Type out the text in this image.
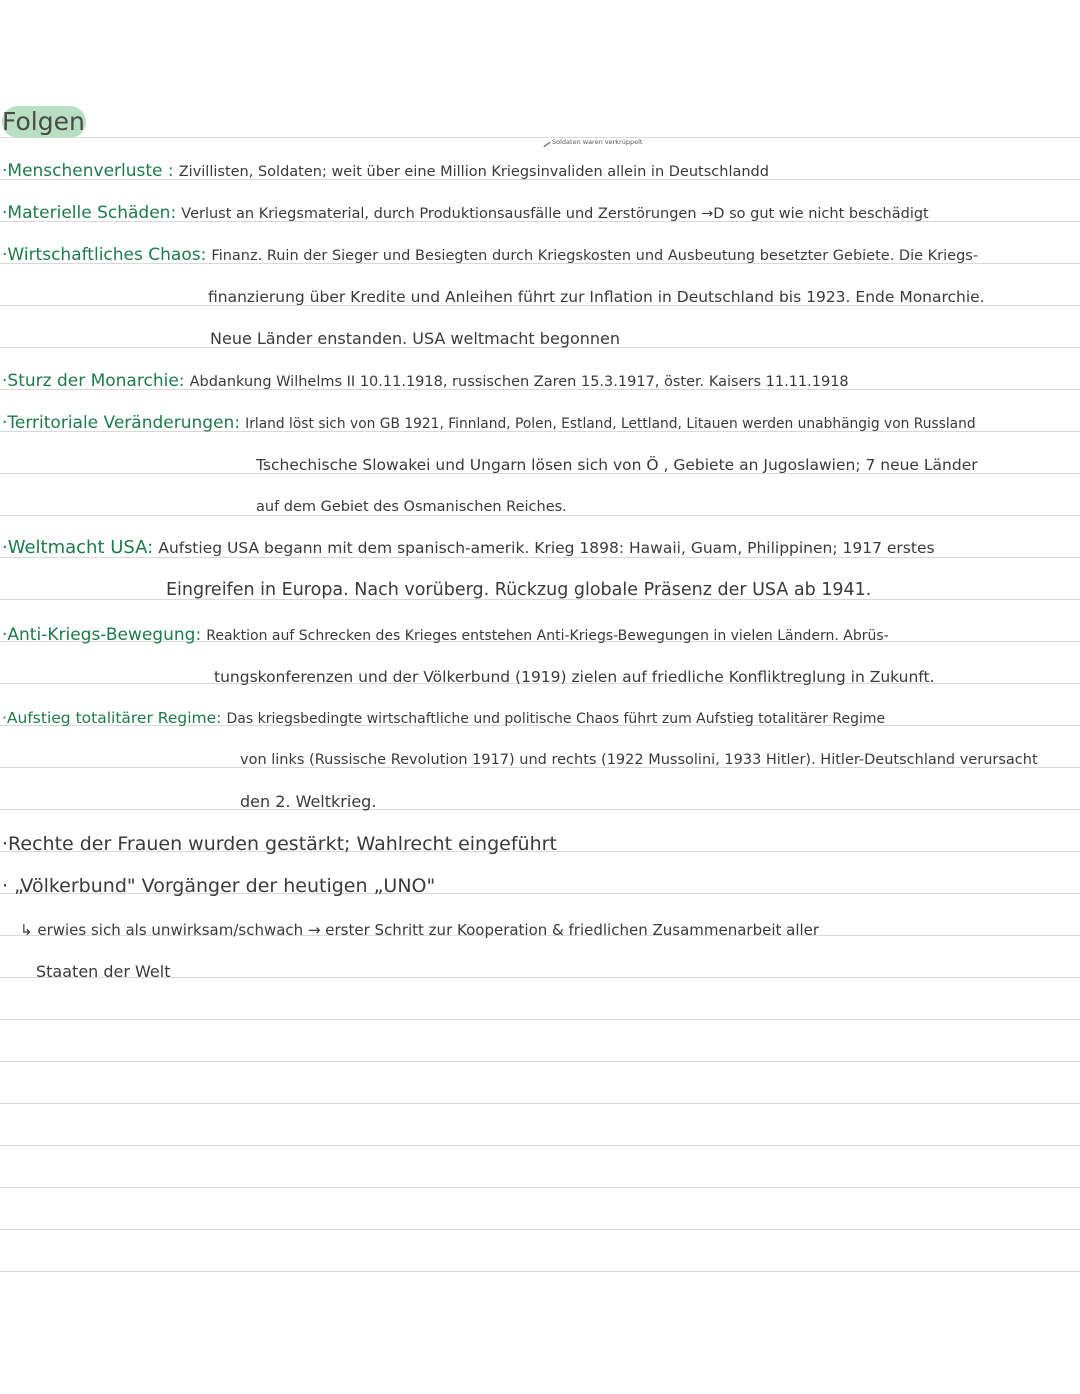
Folgen
Soldaten waren verkrüppelt
·Menschenverluste : Zivillisten, Soldaten; weit über eine Million Kriegsinvaliden allein in Deutschlandd
·Materielle Schäden: Verlust an Kriegsmaterial, durch Produktionsausfälle und Zerstörungen →D so gut wie nicht beschädigt
·Wirtschaftliches Chaos: Finanz. Ruin der Sieger und Besiegten durch Kriegskosten und Ausbeutung besetzter Gebiete. Die Kriegs-
finanzierung über Kredite und Anleihen führt zur Inflation in Deutschland bis 1923. Ende Monarchie.
Neue Länder enstanden. USA weltmacht begonnen
·Sturz der Monarchie: Abdankung Wilhelms II 10.11.1918, russischen Zaren 15.3.1917, öster. Kaisers 11.11.1918
·Territoriale Veränderungen: Irland löst sich von GB 1921, Finnland, Polen, Estland, Lettland, Litauen werden unabhängig von Russland
Tschechische Slowakei und Ungarn lösen sich von Ö , Gebiete an Jugoslawien; 7 neue Länder
auf dem Gebiet des Osmanischen Reiches.
·Weltmacht USA: Aufstieg USA begann mit dem spanisch-amerik. Krieg 1898: Hawaii, Guam, Philippinen; 1917 erstes
Eingreifen in Europa. Nach vorüberg. Rückzug globale Präsenz der USA ab 1941.
·Anti-Kriegs-Bewegung: Reaktion auf Schrecken des Krieges entstehen Anti-Kriegs-Bewegungen in vielen Ländern. Abrüs-
tungskonferenzen und der Völkerbund (1919) zielen auf friedliche Konfliktreglung in Zukunft.
·Aufstieg totalitärer Regime: Das kriegsbedingte wirtschaftliche und politische Chaos führt zum Aufstieg totalitärer Regime
von links (Russische Revolution 1917) und rechts (1922 Mussolini, 1933 Hitler). Hitler-Deutschland verursacht
den 2. Weltkrieg.
·Rechte der Frauen wurden gestärkt; Wahlrecht eingeführt
· „Völkerbund" Vorgänger der heutigen „UNO"
↳ erwies sich als unwirksam/schwach → erster Schritt zur Kooperation & friedlichen Zusammenarbeit aller
Staaten der Welt
